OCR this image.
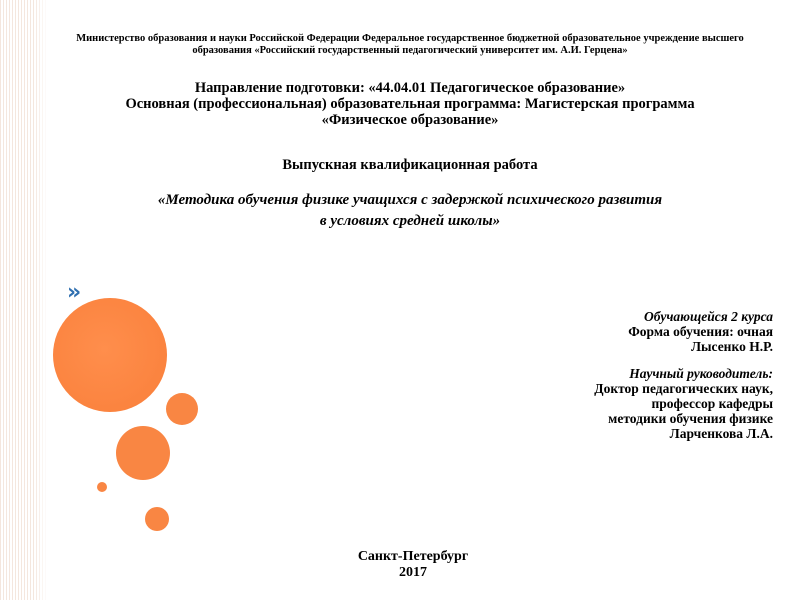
»
Министерство образования и науки Российской Федерации Федеральное государственное бюджетной образовательное учреждение высшего
образования «Российский государственный педагогический университет им. А.И. Герцена»
Направление подготовки: «44.04.01 Педагогическое образование»
Основная (профессиональная) образовательная программа: Магистерская программа
«Физическое образование»
Выпускная квалификационная работа
«Методика обучения физике учащихся с задержкой психического развития
в условиях средней школы»
Обучающейся 2 курса
Форма обучения: очная
Лысенко Н.Р.
Научный руководитель:
Доктор педагогических наук,
профессор кафедры
методики обучения физике
Ларченкова Л.А.
Санкт-Петербург
2017
